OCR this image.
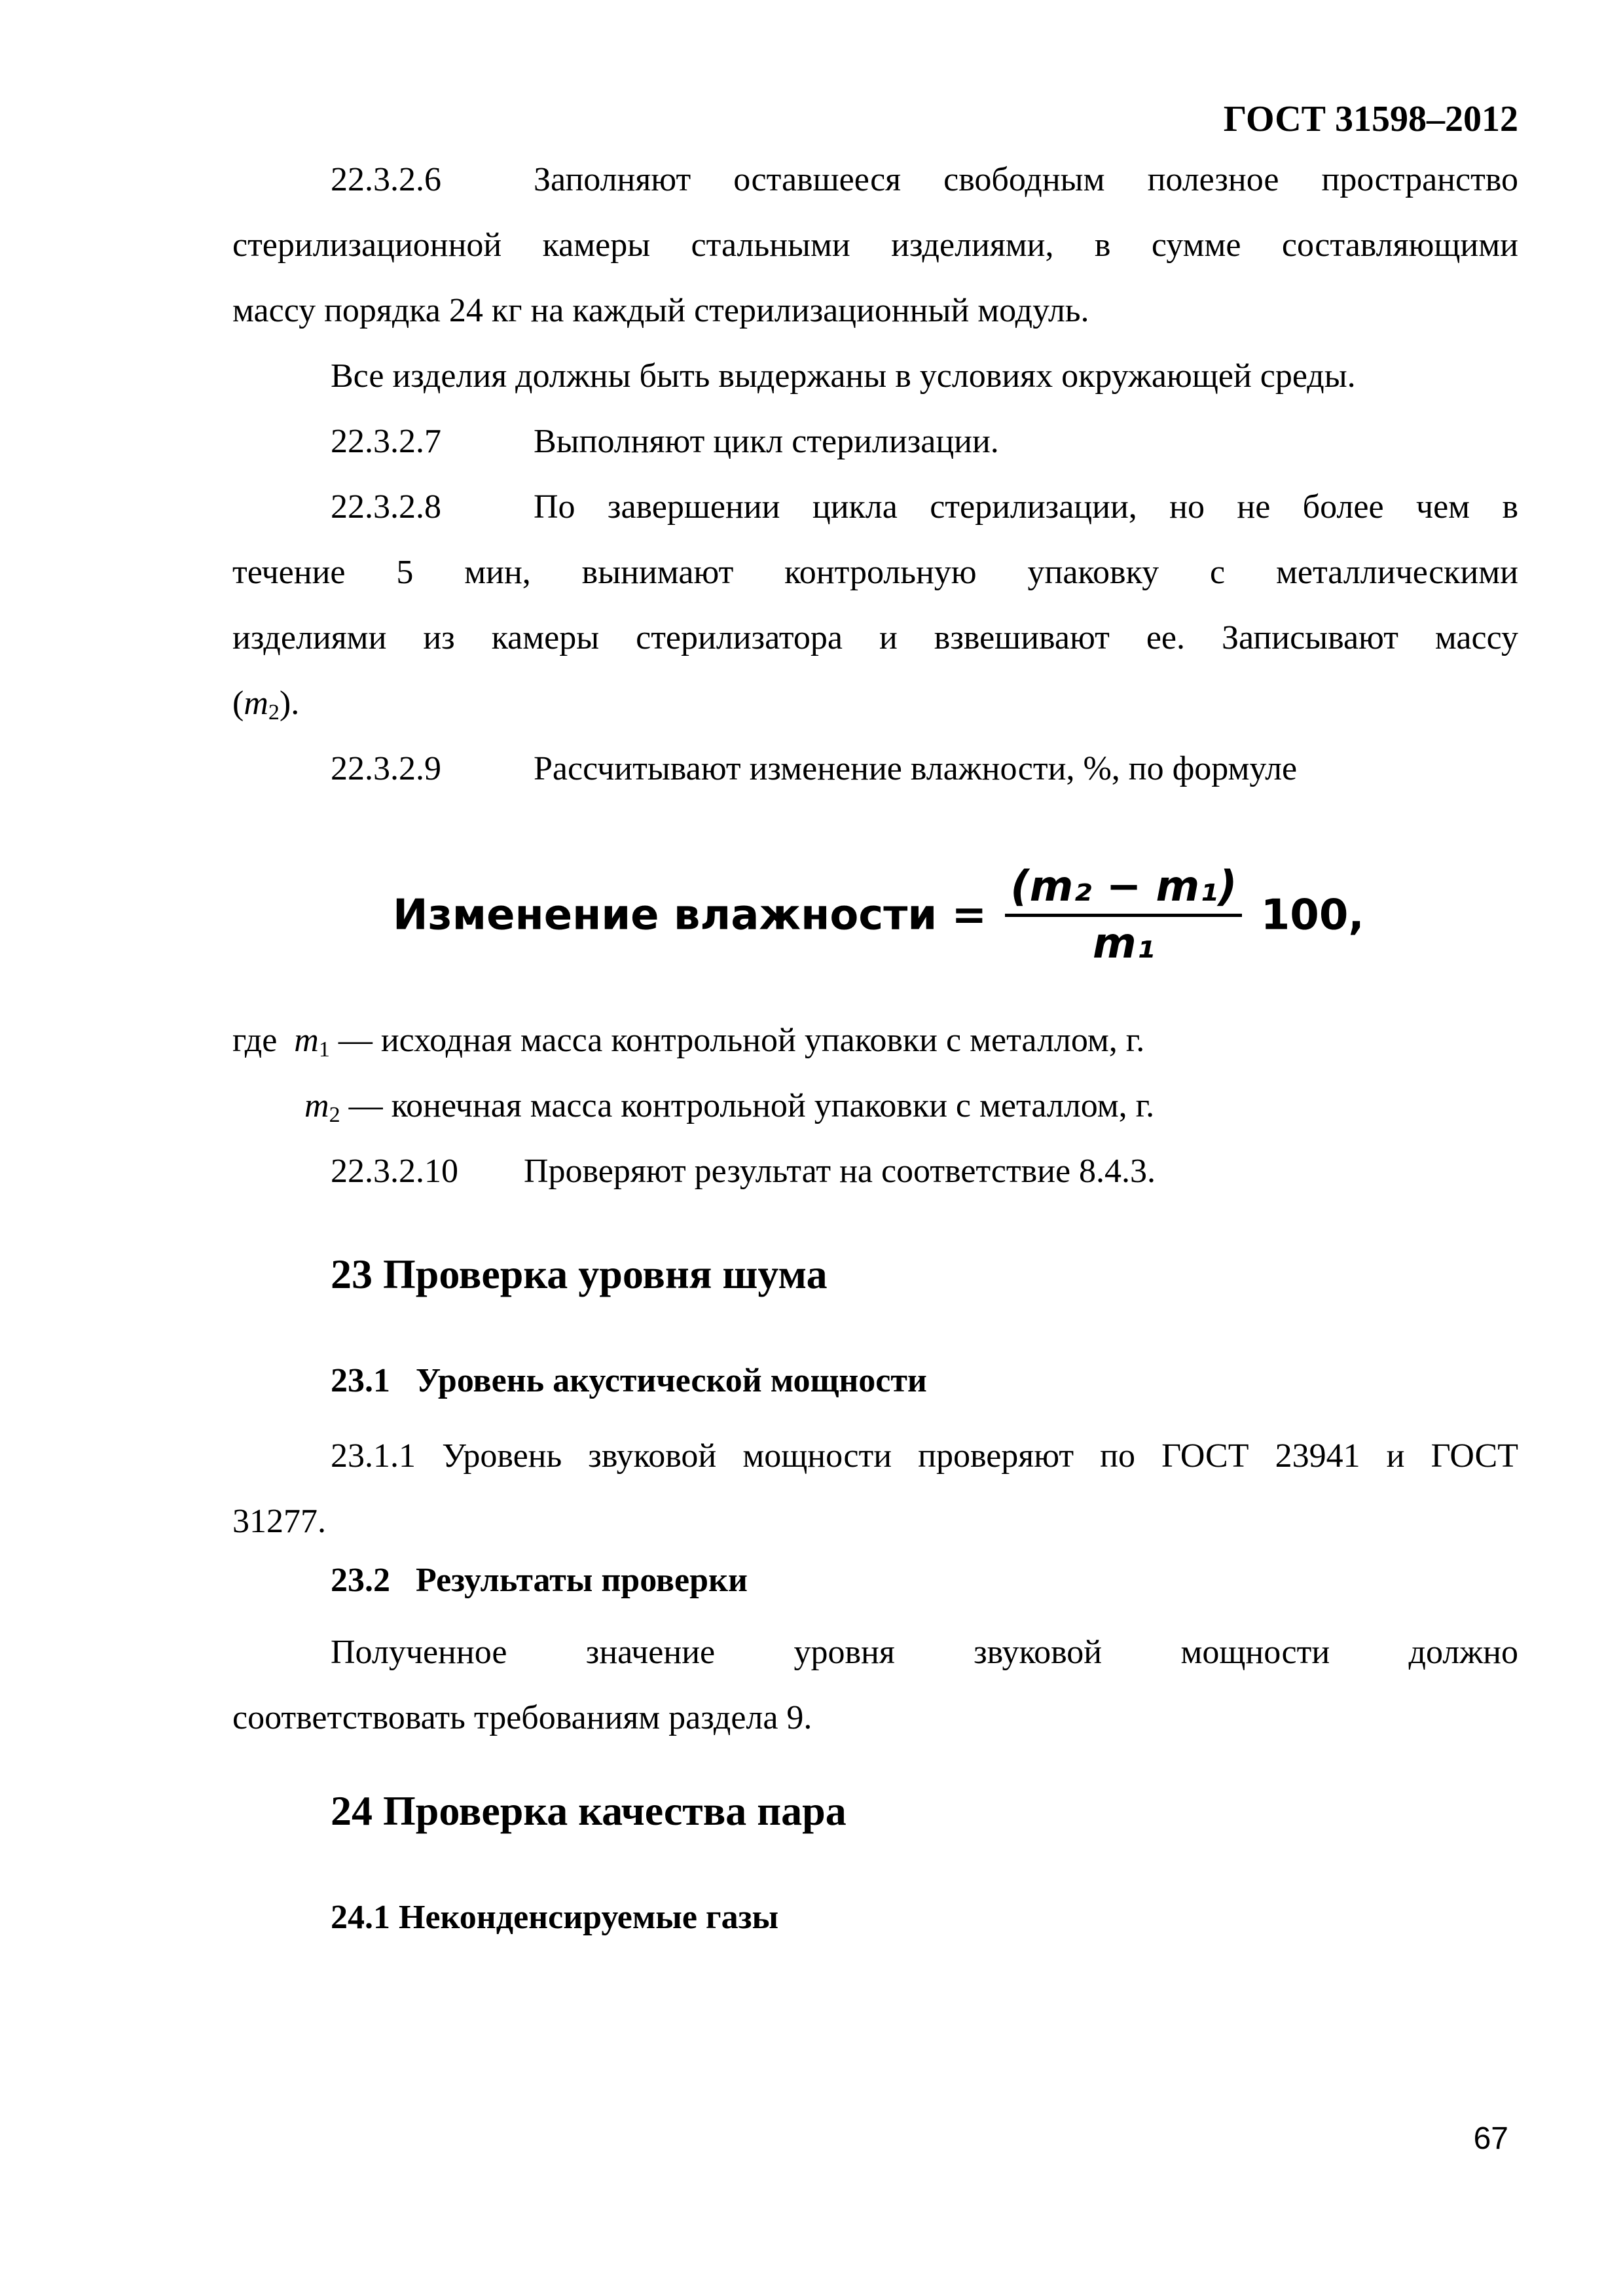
ГОСТ 31598–2012
22.3.2.6	Заполняют оставшееся свободным полезное пространство
стерилизационной камеры стальными изделиями, в сумме составляющими
массу порядка 24 кг на каждый стерилизационный модуль.
Все изделия должны быть выдержаны в условиях окружающей среды.
22.3.2.7	Выполняют цикл стерилизации.
22.3.2.8	По завершении цикла стерилизации, но не более чем в
течение 5 мин, вынимают контрольную упаковку с металлическими
изделиями из камеры стерилизатора и взвешивают ее. Записывают массу
$(m_2)$.
22.3.2.9	Рассчитывают изменение влажности, %, по формуле
Изменение влажности = $\frac{\text{(m₂ − m₁)}}{\text{m₁}} 100$,
где $m_1$ — исходная масса контрольной упаковки с металлом, г.
$m_2$ — конечная масса контрольной упаковки с металлом, г.
22.3.2.10 Проверяют результат на соответствие 8.4.3.
23 Проверка уровня шума
23.1   Уровень акустической мощности
23.1.1 Уровень звуковой мощности проверяют по ГОСТ 23941 и ГОСТ
31277.
23.2   Результаты проверки
Полученное значение уровня звуковой мощности должно
соответствовать требованиям раздела 9.
24 Проверка качества пара
24.1 Неконденсируемые газы
67
